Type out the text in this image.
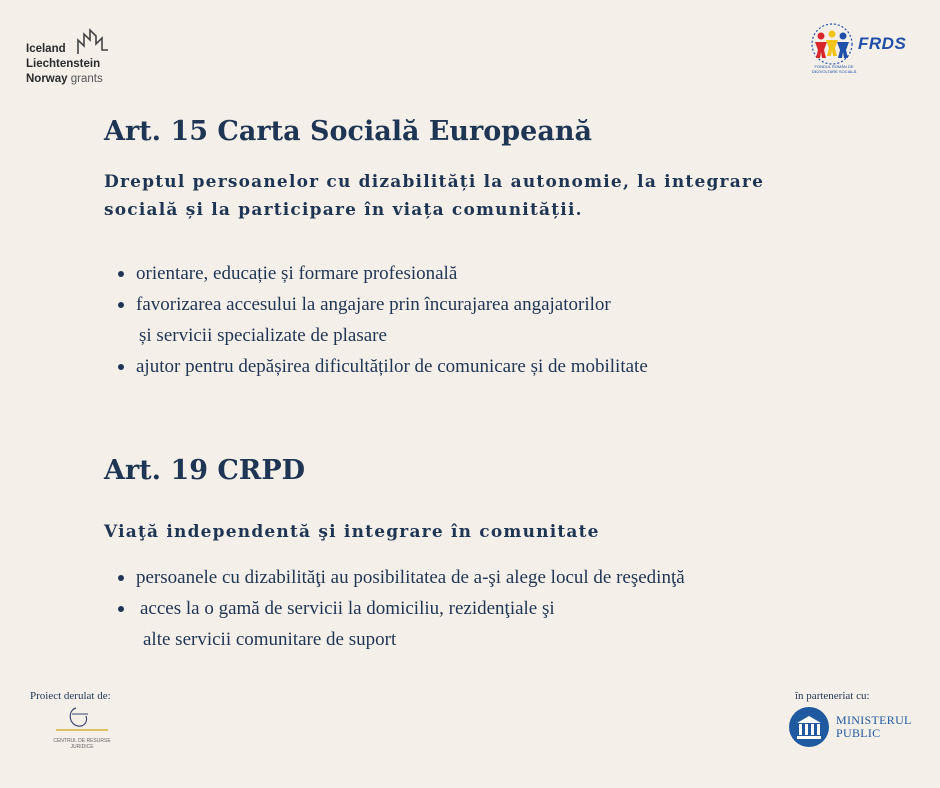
Iceland
Liechtenstein
Norway grants
FRDS
FONDUL ROMÂN DE DEZVOLTARE SOCIALĂ
Art. 15 Carta Socială Europeană
Dreptul persoanelor cu dizabilități la autonomie, la integrare
socială și la participare în viața comunității.
orientare, educație și formare profesională
favorizarea accesului la angajare prin încurajarea angajatorilor
și servicii specializate de plasare
ajutor pentru depășirea dificultăților de comunicare și de mobilitate
Art. 19 CRPD
Viaţă independentă şi integrare în comunitate
persoanele cu dizabilităţi au posibilitatea de a-şi alege locul de reşedinţă
acces la o gamă de servicii la domiciliu, rezidenţiale şi
alte servicii comunitare de suport
Proiect derulat de:
CENTRUL DE RESURSE JURIDICE
în parteneriat cu:
MINISTERUL
PUBLIC
